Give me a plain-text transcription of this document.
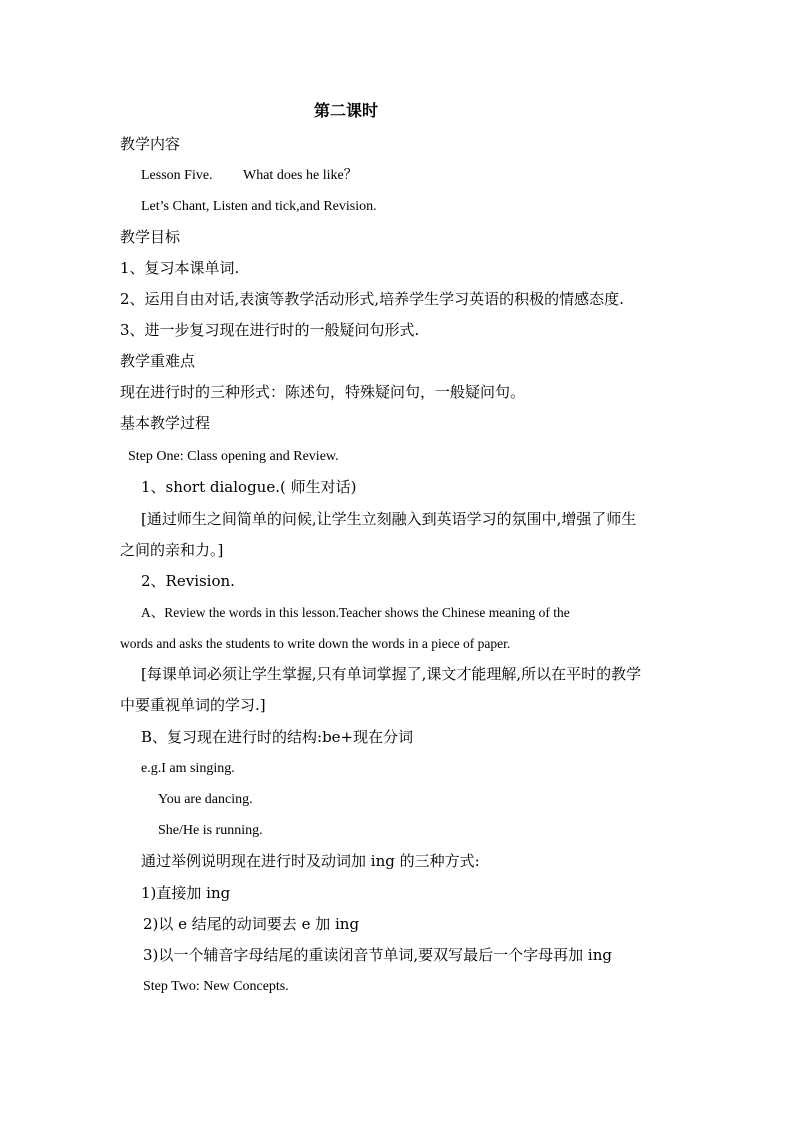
第二课时
教学内容
Lesson Five. What does he like？
Let’s Chant, Listen and tick,and Revision.
教学目标
1、复习本课单词.
2、运用自由对话,表演等教学活动形式,培养学生学习英语的积极的情感态度.
3、进一步复习现在进行时的一般疑问句形式.
教学重难点
现在进行时的三种形式：陈述句，特殊疑问句，一般疑问句。
基本教学过程
Step One: Class opening and Review.
1、short dialogue.( 师生对话)
[通过师生之间简单的问候,让学生立刻融入到英语学习的氛围中,增强了师生
之间的亲和力。]
2、Revision.
A、Review the words in this lesson.Teacher shows the Chinese meaning of the
words and asks the students to write down the words in a piece of paper.
[每课单词必须让学生掌握,只有单词掌握了,课文才能理解,所以在平时的教学
中要重视单词的学习.]
B、复习现在进行时的结构:be+现在分词
e.g.I am singing.
You are dancing.
She/He is running.
通过举例说明现在进行时及动词加 ing 的三种方式:
1)直接加 ing
2)以 e 结尾的动词要去 e 加 ing
3)以一个辅音字母结尾的重读闭音节单词,要双写最后一个字母再加 ing
Step Two: New Concepts.
